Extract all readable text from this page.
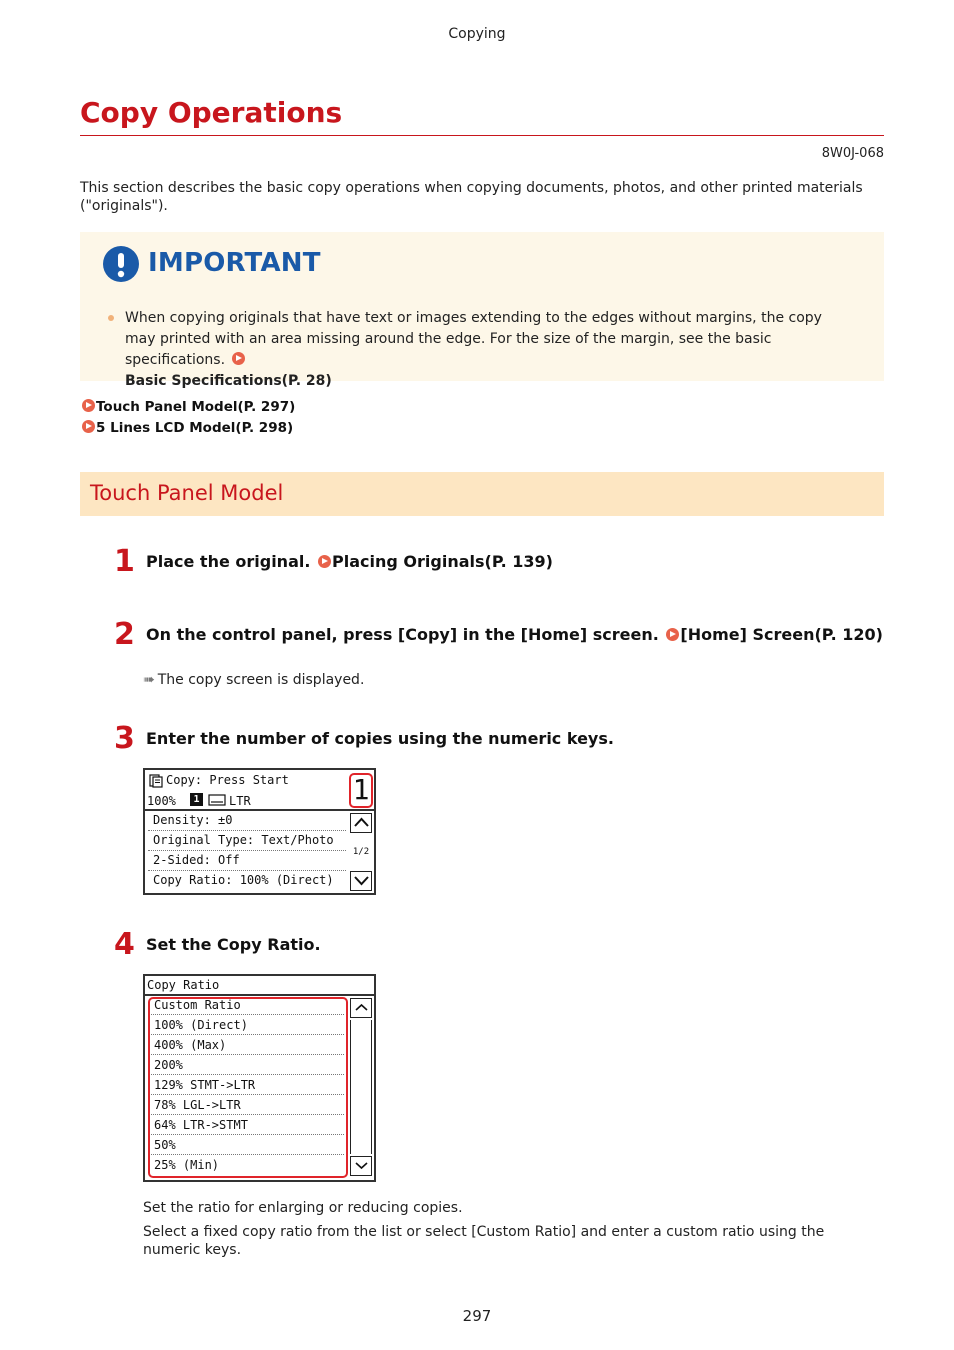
Copying
Copy Operations
8W0J-068
This section describes the basic copy operations when copying documents, photos, and other printed materials ("originals").
IMPORTANT
When copying originals that have text or images extending to the edges without margins, the copy may printed with an area missing around the edge. For the size of the margin, see the basic specifications.
Basic Specifications(P. 28)
Touch Panel Model(P. 297)
5 Lines LCD Model(P. 298)
Touch Panel Model
1 Place the original. Placing Originals(P. 139)
2 On the control panel, press [Copy] in the [Home] screen. [Home] Screen(P. 120)
➠ The copy screen is displayed.
3 Enter the number of copies using the numeric keys.
Copy: Press Start
100%	1 LTR	1
Density: ±0
Original Type: Text/Photo
2-Sided: Off
Copy Ratio: 100% (Direct)
1/2
4 Set the Copy Ratio.
Copy Ratio
Custom Ratio
100% (Direct)
400% (Max)
200%
129% STMT->LTR
78% LGL->LTR
64% LTR->STMT
50%
25% (Min)
Set the ratio for enlarging or reducing copies.
Select a fixed copy ratio from the list or select [Custom Ratio] and enter a custom ratio using the numeric keys.
297
